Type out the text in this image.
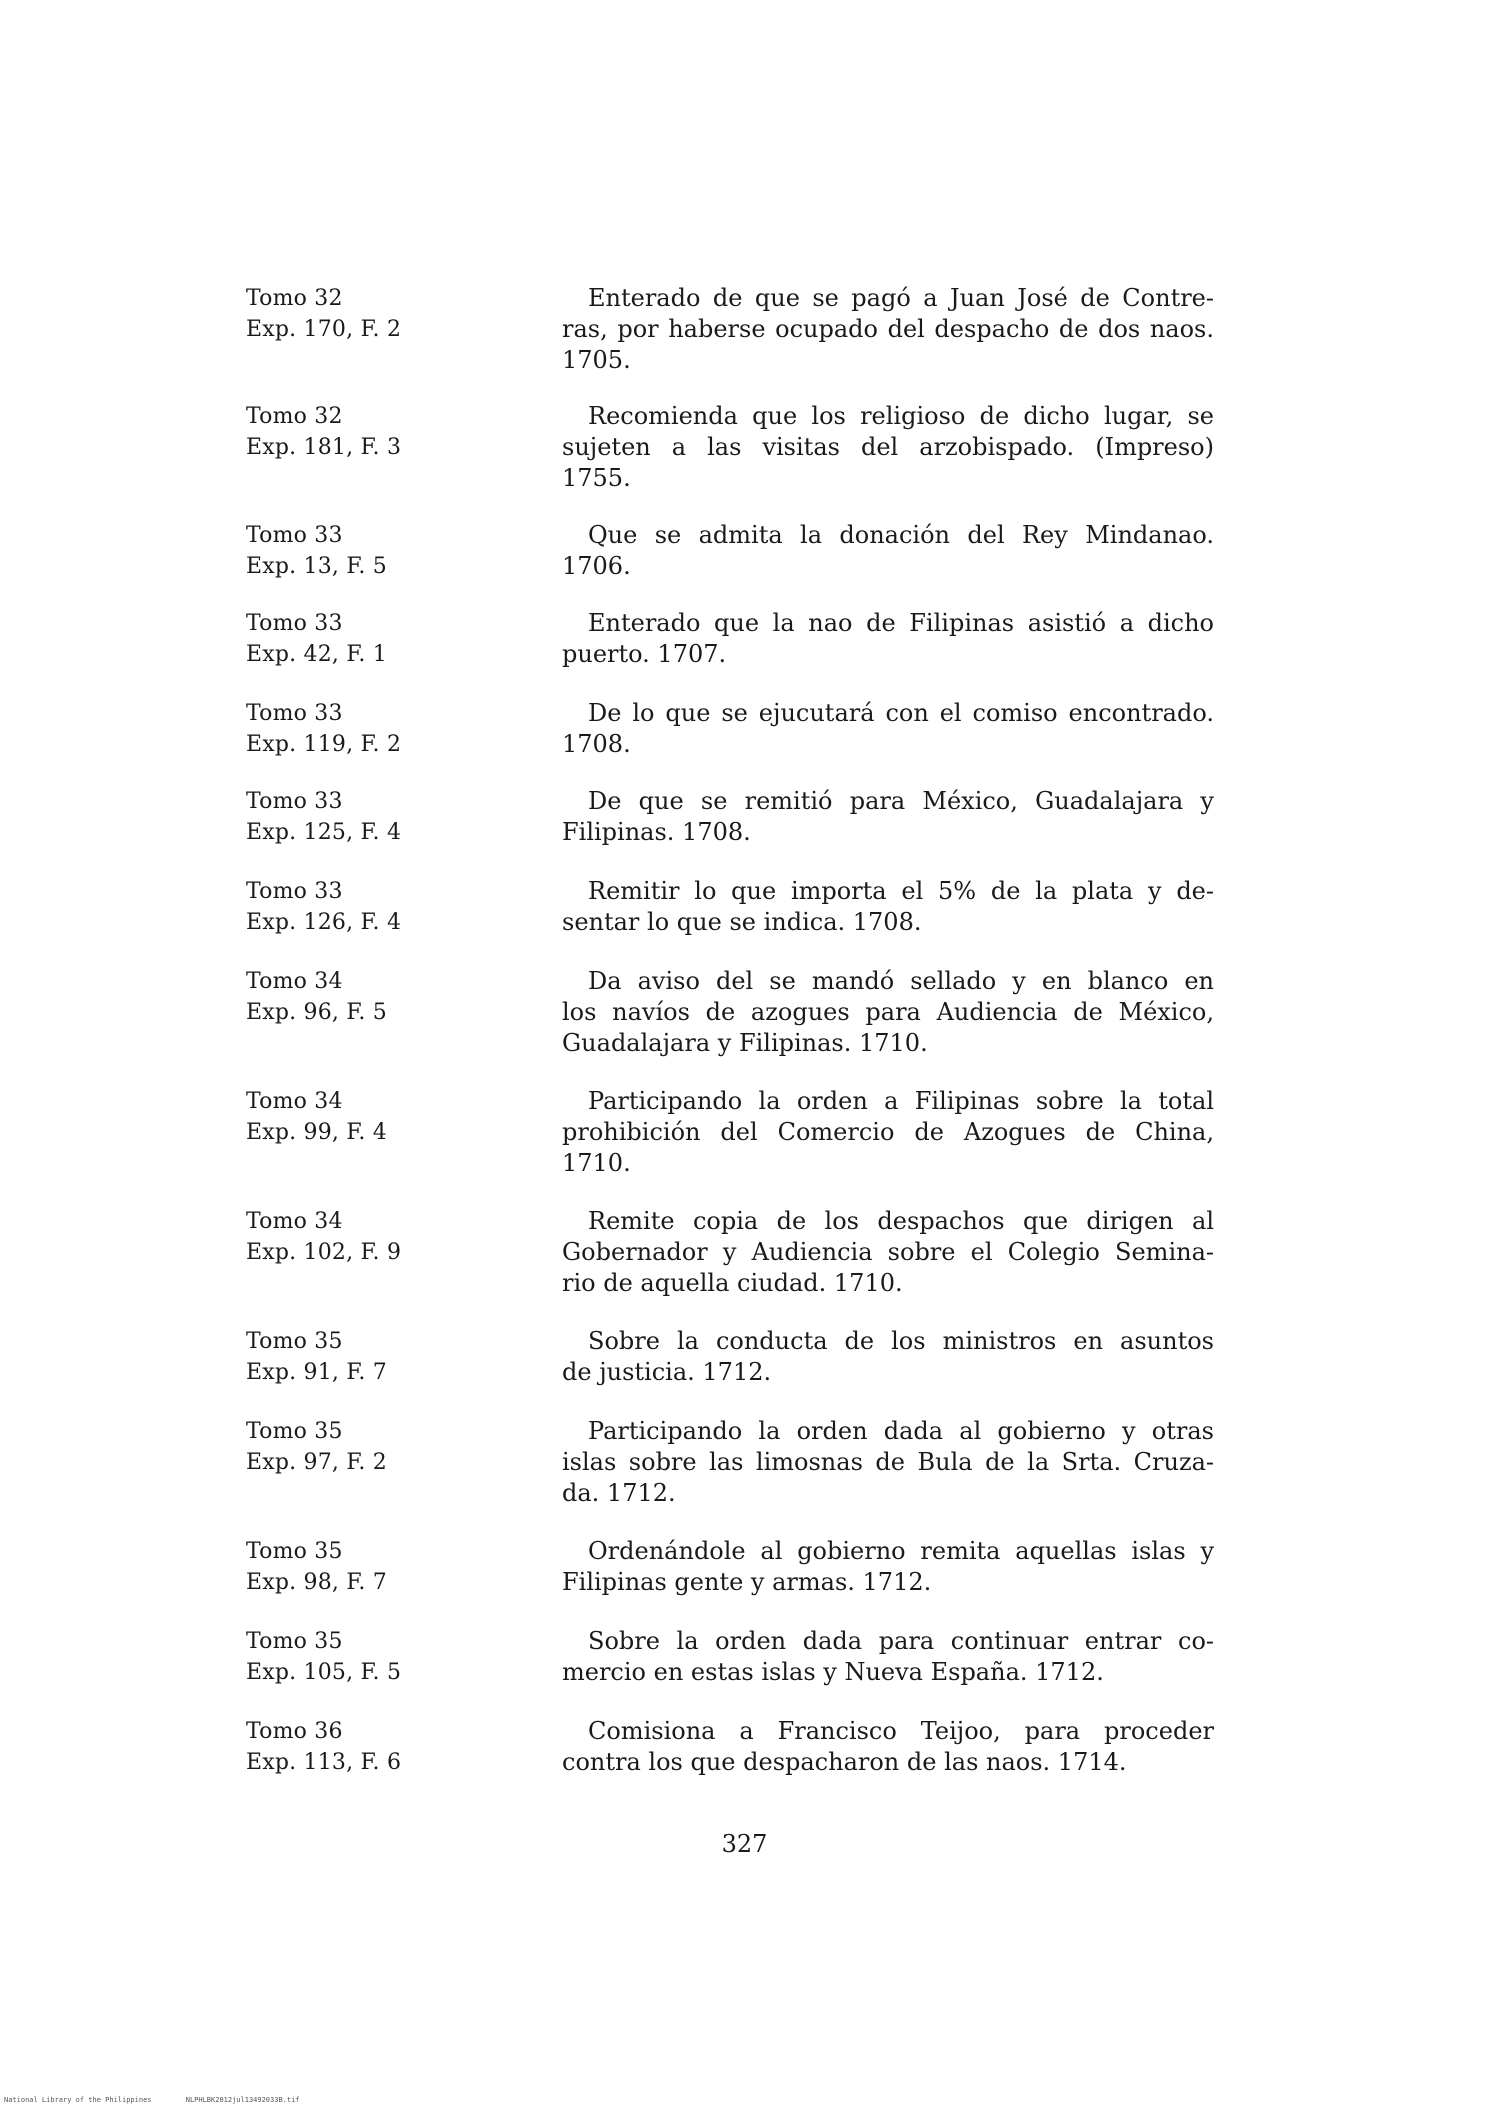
Tomo 32
Exp. 170, F. 2
Enterado de que se pagó a Juan José de Contre-
ras, por haberse ocupado del despacho de dos naos.
1705.
Tomo 32
Exp. 181, F. 3
Recomienda que los religioso de dicho lugar, se
sujeten a las visitas del arzobispado. (Impreso)
1755.
Tomo 33
Exp. 13, F. 5
Que se admita la donación del Rey Mindanao.
1706.
Tomo 33
Exp. 42, F. 1
Enterado que la nao de Filipinas asistió a dicho
puerto. 1707.
Tomo 33
Exp. 119, F. 2
De lo que se ejucutará con el comiso encontrado.
1708.
Tomo 33
Exp. 125, F. 4
De que se remitió para México, Guadalajara y
Filipinas. 1708.
Tomo 33
Exp. 126, F. 4
Remitir lo que importa el 5% de la plata y de-
sentar lo que se indica. 1708.
Tomo 34
Exp. 96, F. 5
Da aviso del se mandó sellado y en blanco en
los navíos de azogues para Audiencia de México,
Guadalajara y Filipinas. 1710.
Tomo 34
Exp. 99, F. 4
Participando la orden a Filipinas sobre la total
prohibición del Comercio de Azogues de China,
1710.
Tomo 34
Exp. 102, F. 9
Remite copia de los despachos que dirigen al
Gobernador y Audiencia sobre el Colegio Semina-
rio de aquella ciudad. 1710.
Tomo 35
Exp. 91, F. 7
Sobre la conducta de los ministros en asuntos
de justicia. 1712.
Tomo 35
Exp. 97, F. 2
Participando la orden dada al gobierno y otras
islas sobre las limosnas de Bula de la Srta. Cruza-
da. 1712.
Tomo 35
Exp. 98, F. 7
Ordenándole al gobierno remita aquellas islas y
Filipinas gente y armas. 1712.
Tomo 35
Exp. 105, F. 5
Sobre la orden dada para continuar entrar co-
mercio en estas islas y Nueva España. 1712.
Tomo 36
Exp. 113, F. 6
Comisiona a Francisco Teijoo, para proceder
contra los que despacharon de las naos. 1714.
327
National Library of the Philippines	NLPHLBK2012jul13492033B.tif
